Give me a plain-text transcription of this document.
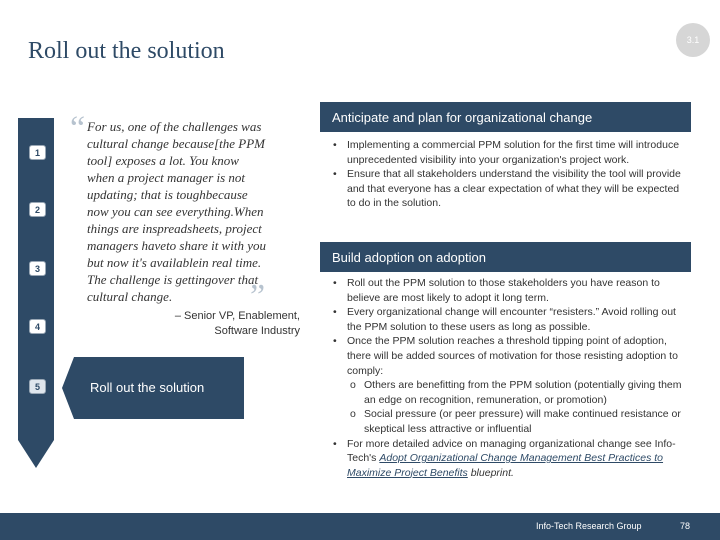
Roll out the solution	3.1
1
2
3
4
5	Roll out the solution
“ For us, one of the challenges was
cultural change because[the PPM
tool] exposes a lot. You know
when a project manager is not
updating; that is toughbecause
now you can see everything.When
things are inspreadsheets, project
managers haveto share it with you
but now it's availablein real time.
The challenge is gettingover that
cultural change.	”
– Senior VP, Enablement,
Software Industry
Anticipate and plan for organizational change
• Implementing a commercial PPM solution for the first time will introduce unprecedented visibility into your organization's project work.
• Ensure that all stakeholders understand the visibility the tool will provide and that everyone has a clear expectation of what they will be expected to do in the solution.
Build adoption on adoption
• Roll out the PPM solution to those stakeholders you have reason to believe are most likely to adopt it long term.
• Every organizational change will encounter “resisters.” Avoid rolling out the PPM solution to these users as long as possible.
• Once the PPM solution reaches a threshold tipping point of adoption, there will be added sources of motivation for those resisting adoption to comply:
o Others are benefitting from the PPM solution (potentially giving them an edge on recognition, remuneration, or promotion)
o Social pressure (or peer pressure) will make continued resistance or skeptical less attractive or influential
• For more detailed advice on managing organizational change see Info-Tech's Adopt Organizational Change Management Best Practices to Maximize Project Benefits blueprint.
Info-Tech Research Group	78
